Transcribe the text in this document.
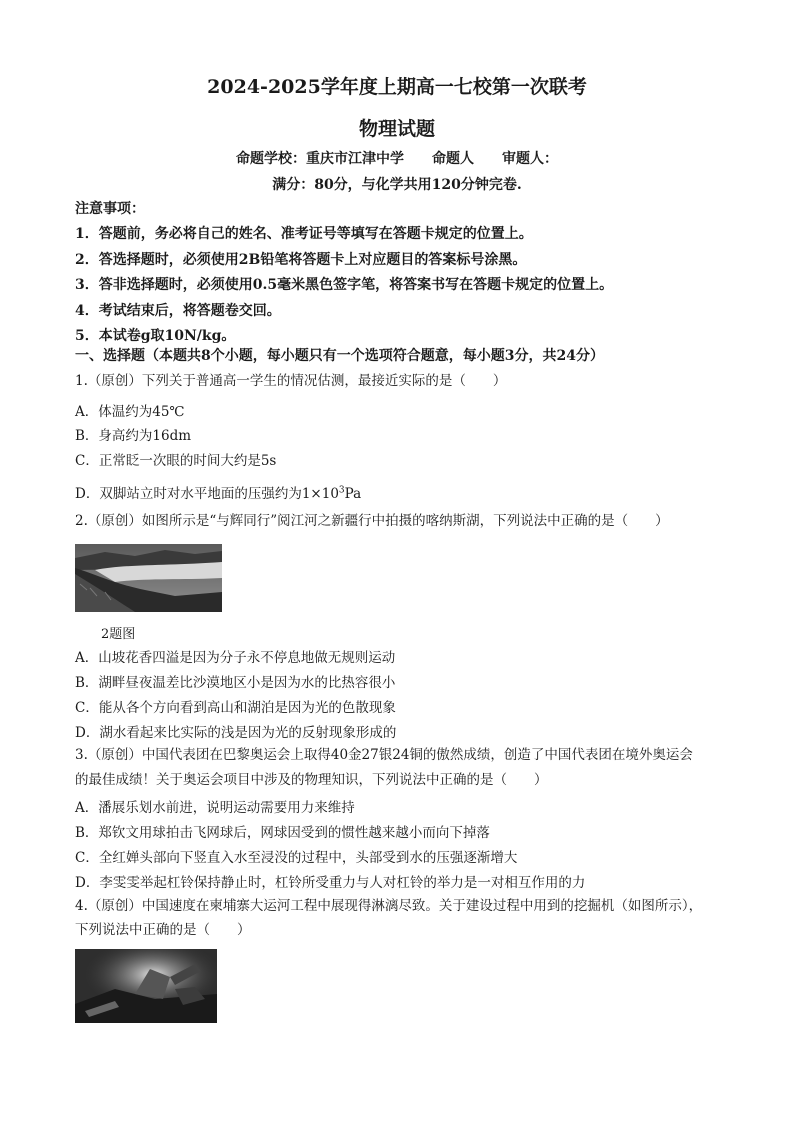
2024-2025学年度上期高一七校第一次联考
物理试题
命题学校：重庆市江津中学　　命题人　　审题人：
满分：80分，与化学共用120分钟完卷.
注意事项：
1．答题前，务必将自己的姓名、准考证号等填写在答题卡规定的位置上。
2．答选择题时，必须使用2B铅笔将答题卡上对应题目的答案标号涂黑。
3．答非选择题时，必须使用0.5毫米黑色签字笔，将答案书写在答题卡规定的位置上。
4．考试结束后，将答题卷交回。
5．本试卷g取10N/kg。
一、选择题（本题共8个小题，每小题只有一个选项符合题意，每小题3分，共24分）
1.（原创）下列关于普通高一学生的情况估测，最接近实际的是（　　）
A．体温约为45℃
B．身高约为16dm
C．正常眨一次眼的时间大约是5s
D．双脚站立时对水平地面的压强约为$1\times 10^3Pa$
2.（原创）如图所示是“与辉同行”阅江河之新疆行中拍摄的喀纳斯湖，下列说法中正确的是（　　）
2题图
A．山坡花香四溢是因为分子永不停息地做无规则运动
B．湖畔昼夜温差比沙漠地区小是因为水的比热容很小
C．能从各个方向看到高山和湖泊是因为光的色散现象
D．湖水看起来比实际的浅是因为光的反射现象形成的
3.（原创）中国代表团在巴黎奥运会上取得40金27银24铜的傲然成绩，创造了中国代表团在境外奥运会
的最佳成绩！关于奥运会项目中涉及的物理知识，下列说法中正确的是（　　）
A．潘展乐划水前进，说明运动需要用力来维持
B．郑钦文用球拍击飞网球后，网球因受到的惯性越来越小而向下掉落
C．全红婵头部向下竖直入水至浸没的过程中，头部受到水的压强逐渐增大
D．李雯雯举起杠铃保持静止时，杠铃所受重力与人对杠铃的举力是一对相互作用的力
4.（原创）中国速度在柬埔寨大运河工程中展现得淋漓尽致。关于建设过程中用到的挖掘机（如图所示），
下列说法中正确的是（　　）
